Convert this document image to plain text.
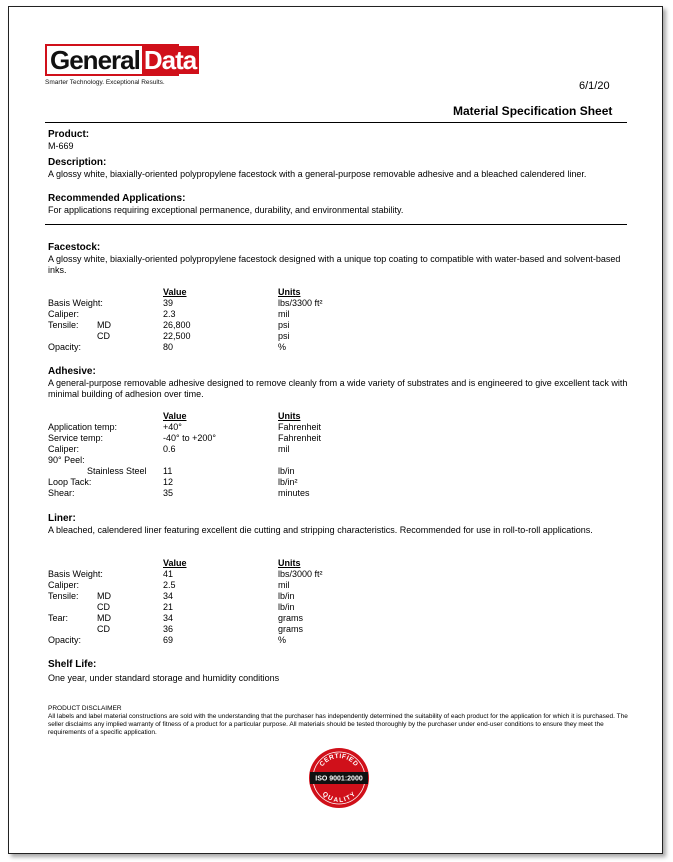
General Data
Smarter Technology. Exceptional Results.	6/1/20
Material Specification Sheet
Product:
M-669
Description:
A glossy white, biaxially-oriented polypropylene facestock with a general-purpose removable adhesive and a bleached calendered liner.
Recommended Applications:
For applications requiring exceptional permanence, durability, and environmental stability.
Facestock:
A glossy white, biaxially-oriented polypropylene facestock designed with a unique top coating to compatible with water-based and solvent-based inks.
Value	Units
Basis Weight:	39	lbs/3300 ft²
Caliper:	2.3	mil
Tensile: MD	26,800	psi
CD	22,500	psi
Opacity:	80	%
Adhesive:
A general-purpose removable adhesive designed to remove cleanly from a wide variety of substrates and is engineered to give excellent tack with minimal building of adhesion over time.
Value	Units
Application temp:	+40°	Fahrenheit
Service temp:	-40° to +200°	Fahrenheit
Caliper:	0.6	mil
90° Peel:
Stainless Steel 11	lb/in
Loop Tack:	12	lb/in²
Shear:	35	minutes
Liner:
A bleached, calendered liner featuring excellent die cutting and stripping characteristics. Recommended for use in roll-to-roll applications.
Value	Units
Basis Weight:	41	lbs/3000 ft²
Caliper:	2.5	mil
Tensile: MD	34	lb/in
CD	21	lb/in
Tear:	MD	34	grams
CD	36	grams
Opacity:	69	%
Shelf Life:
One year, under standard storage and humidity conditions
PRODUCT DISCLAIMER
All labels and label material constructions are sold with the understanding that the purchaser has independently determined the suitability of each product for the application for which it is purchased. The seller disclaims any implied warranty of fitness of a product for a particular purpose. All materials should be tested thoroughly by the purchaser under end-user conditions to ensure they meet the requirements of a specific application.
CERTIFIED
ISO 9001:2000
QUALITY
